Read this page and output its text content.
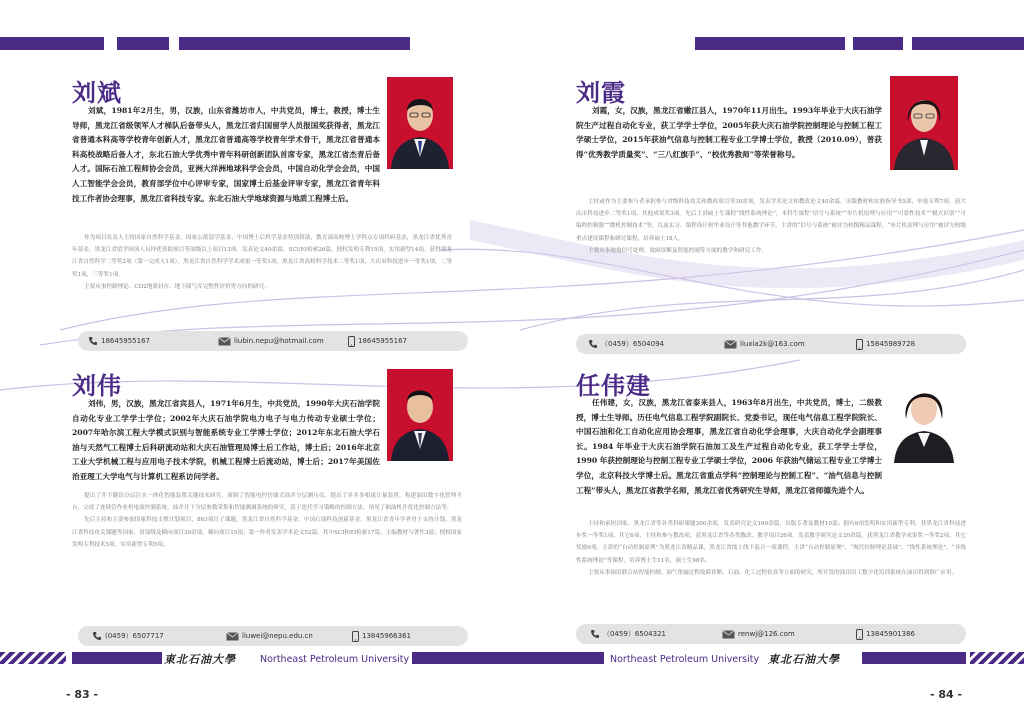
刘斌

刘斌，1981年2月生，男，汉族，山东省潍坊市人，中共党员，博士，教授，博士生导师，黑龙江省级领军人才梯队后备带头人，黑龙江省归国留学人员报国奖获得者，黑龙江省普通本科高等学校青年创新人才，黑龙江省普通高等学校青年学术骨干，黑龙江省普通本科高校战略后备人才，东北石油大学优秀中青年科研创新团队首席专家，黑龙江省杰青后备人才。国际石油工程师协会会员，亚洲大洋洲地球科学会会员，中国自动化学会会员，中国人工智能学会会员，教育部学位中心评审专家，国家博士后基金评审专家，黑龙江省青年科技工作者协会理事，黑龙江省科技专家。东北石油大学地球资源与地质工程博士后。

作为项目负责人主持国家自然科学基金，国家公派留学基金，中国博士后科学基金特别资助，教育部高校博士学科点专项科研基金，黑龙江省优秀青年基金，黑龙江省留学回国人员择优资助项目等部级以上项目13项。发表论文40余篇，SCI/EI检索26篇，授权发明专利15项，实用新型14项。获得黑龙江省自然科学二等奖2项（第一完成人1项），黑龙江省自然科学学术成果一等奖1项，黑龙江省高校科学技术二等奖1项，大庆市科技进步一等奖1项，二等奖1项，三等奖1项。

主要从事控制理论、CO2地质封存、地下储气库完整性评价等方向的研究。

18645955167	liubin.nepu@hotmail.com	18645955167
刘伟

刘伟，男，汉族，黑龙江省宾县人，1971年6月生，中共党员，1990年大庆石油学院自动化专业工学学士学位；2002年大庆石油学院电力电子与电力传动专业硕士学位；2007年哈尔滨工程大学模式识别与智能系统专业工学博士学位；2012年东北石油大学石油与天然气工程博士后科研流动站和大庆石油管理局博士后工作站，博士后；2016年北京工业大学机械工程与应用电子技术学院，机械工程博士后流动站，博士后；2017年美国佐治亚理工大学电气与计算机工程系访问学者。

提出了井下随钻分层注水一体化智能装置关键技术研究，研制了智能电控仿储式油井分层测压仪，提出了单井多相流计量装置，构建油田数字化管理平台，完成了连续管作业机电液控制系统，油井井下分层参数采集和智能测调系统的研究，基于迭代学习策略的控制方法，预见了抽油机井优化控制方法等。

先后主持和主要参加国家科技支撑计划项目，863项目子课题，黑龙江省自然科学基金，中国石油科技创新基金，黑龙江省青年学者骨干支持计划，黑龙江省科技攻关课题等国家、省部级及横向项目30余项。横向项目15项；第一作者发表学术论文52篇，其中SCI和EI检索17篇；主编教材与著作3部；授权国家发明专利技术5项，实用新型专利5项。

(0459）6507717	liuwei@nepu.edu.cn	13845966361
東北石油大學	Northeast Petroleum University
- 83 -
刘霞

刘霞，女，汉族，黑龙江省嫩江县人，1970年11月出生。1993年毕业于大庆石油学院生产过程自动化专业，获工学学士学位，2005年获大庆石油学院控制理论与控制工程工学硕士学位，2015年获油气信息与控制工程专业工学博士学位，教授（2010.09），曾获得“优秀教学质量奖”、“三八红旗手”、“校优秀教师”等荣誉称号。

主持或作为主要参与者承担参与省级科技攻关和教改项目等30余项，发表学术论文和教改论文40余篇，出版教材和实验指导书5部，申报专利7项，获大庆市科技进步二等奖1项，其他成果奖3项。先后主讲硕士生课程“线性系统理论”，本科生课程“信号与系统”“单片机原理与应用”“可靠性技术”“模式识别”“可编程控制器”“微机控制技术”等，以及实习、课程设计和毕业设计等其他教学环节。主讲的“信号与系统”被评为校级精品课程。“单片机原理与应用”被评为校级重点建设课程和研讨课程。培养硕士18人。

主要从事地震信号处理，故障诊断及智能控制等方面的教学和研究工作。

（0459）6504094	liuxia2k@163.com	15845989728
任伟建

任伟建，女，汉族，黑龙江省泰来县人，1963年8月出生，中共党员，博士，二级教授，博士生导师。历任电气信息工程学院副院长、党委书记，现任电气信息工程学院院长、中国石油和化工自动化应用协会理事，黑龙江省自动化学会理事，大庆自动化学会副理事长。1984 年毕业于大庆石油学院石油加工及生产过程自动化专业，获工学学士学位，1990 年获控制理论与控制工程专业工学硕士学位，2006 年获油气储运工程专业工学博士学位，北京科技大学博士后。黑龙江省重点学科“控制理论与控制工程”、“油气信息与控制工程”带头人，黑龙江省教学名师，黑龙江省优秀研究生导师，黑龙江省师德先进个人。

主持和承担国家、黑龙江省等各类科研课题300余项，发表研究论文160余篇，出版专著及教材10部；拥有8项发明和实用新型专利，获黑龙江省科技进步奖一等奖1项，其它6项，主持和参与教改项，获黑龙江省等各类教改、教学项目26项，发表教学研究论文20余篇，获黑龙江省教学成果奖一等奖2项，其它奖励9项。主讲的“自动控制原理”为黑龙江省精品课，黑龙江省线上线下混合一流课程。主讲“自动控制原理”、“现代控制理论基础”、“线性系统理论”、“非线性系统理论”等课程，培养博士生11名，硕士生98名。

主要从事油田联合站智能控制、油气集输过程故障诊断、石油、化工过程仿真等方面的研究，所开发的油田员工数字化培训系统在油田得到推广应用。

（0459）6504321	renwj@126.com	13845901386
Northeast Petroleum University 東北石油大學
- 84 -
